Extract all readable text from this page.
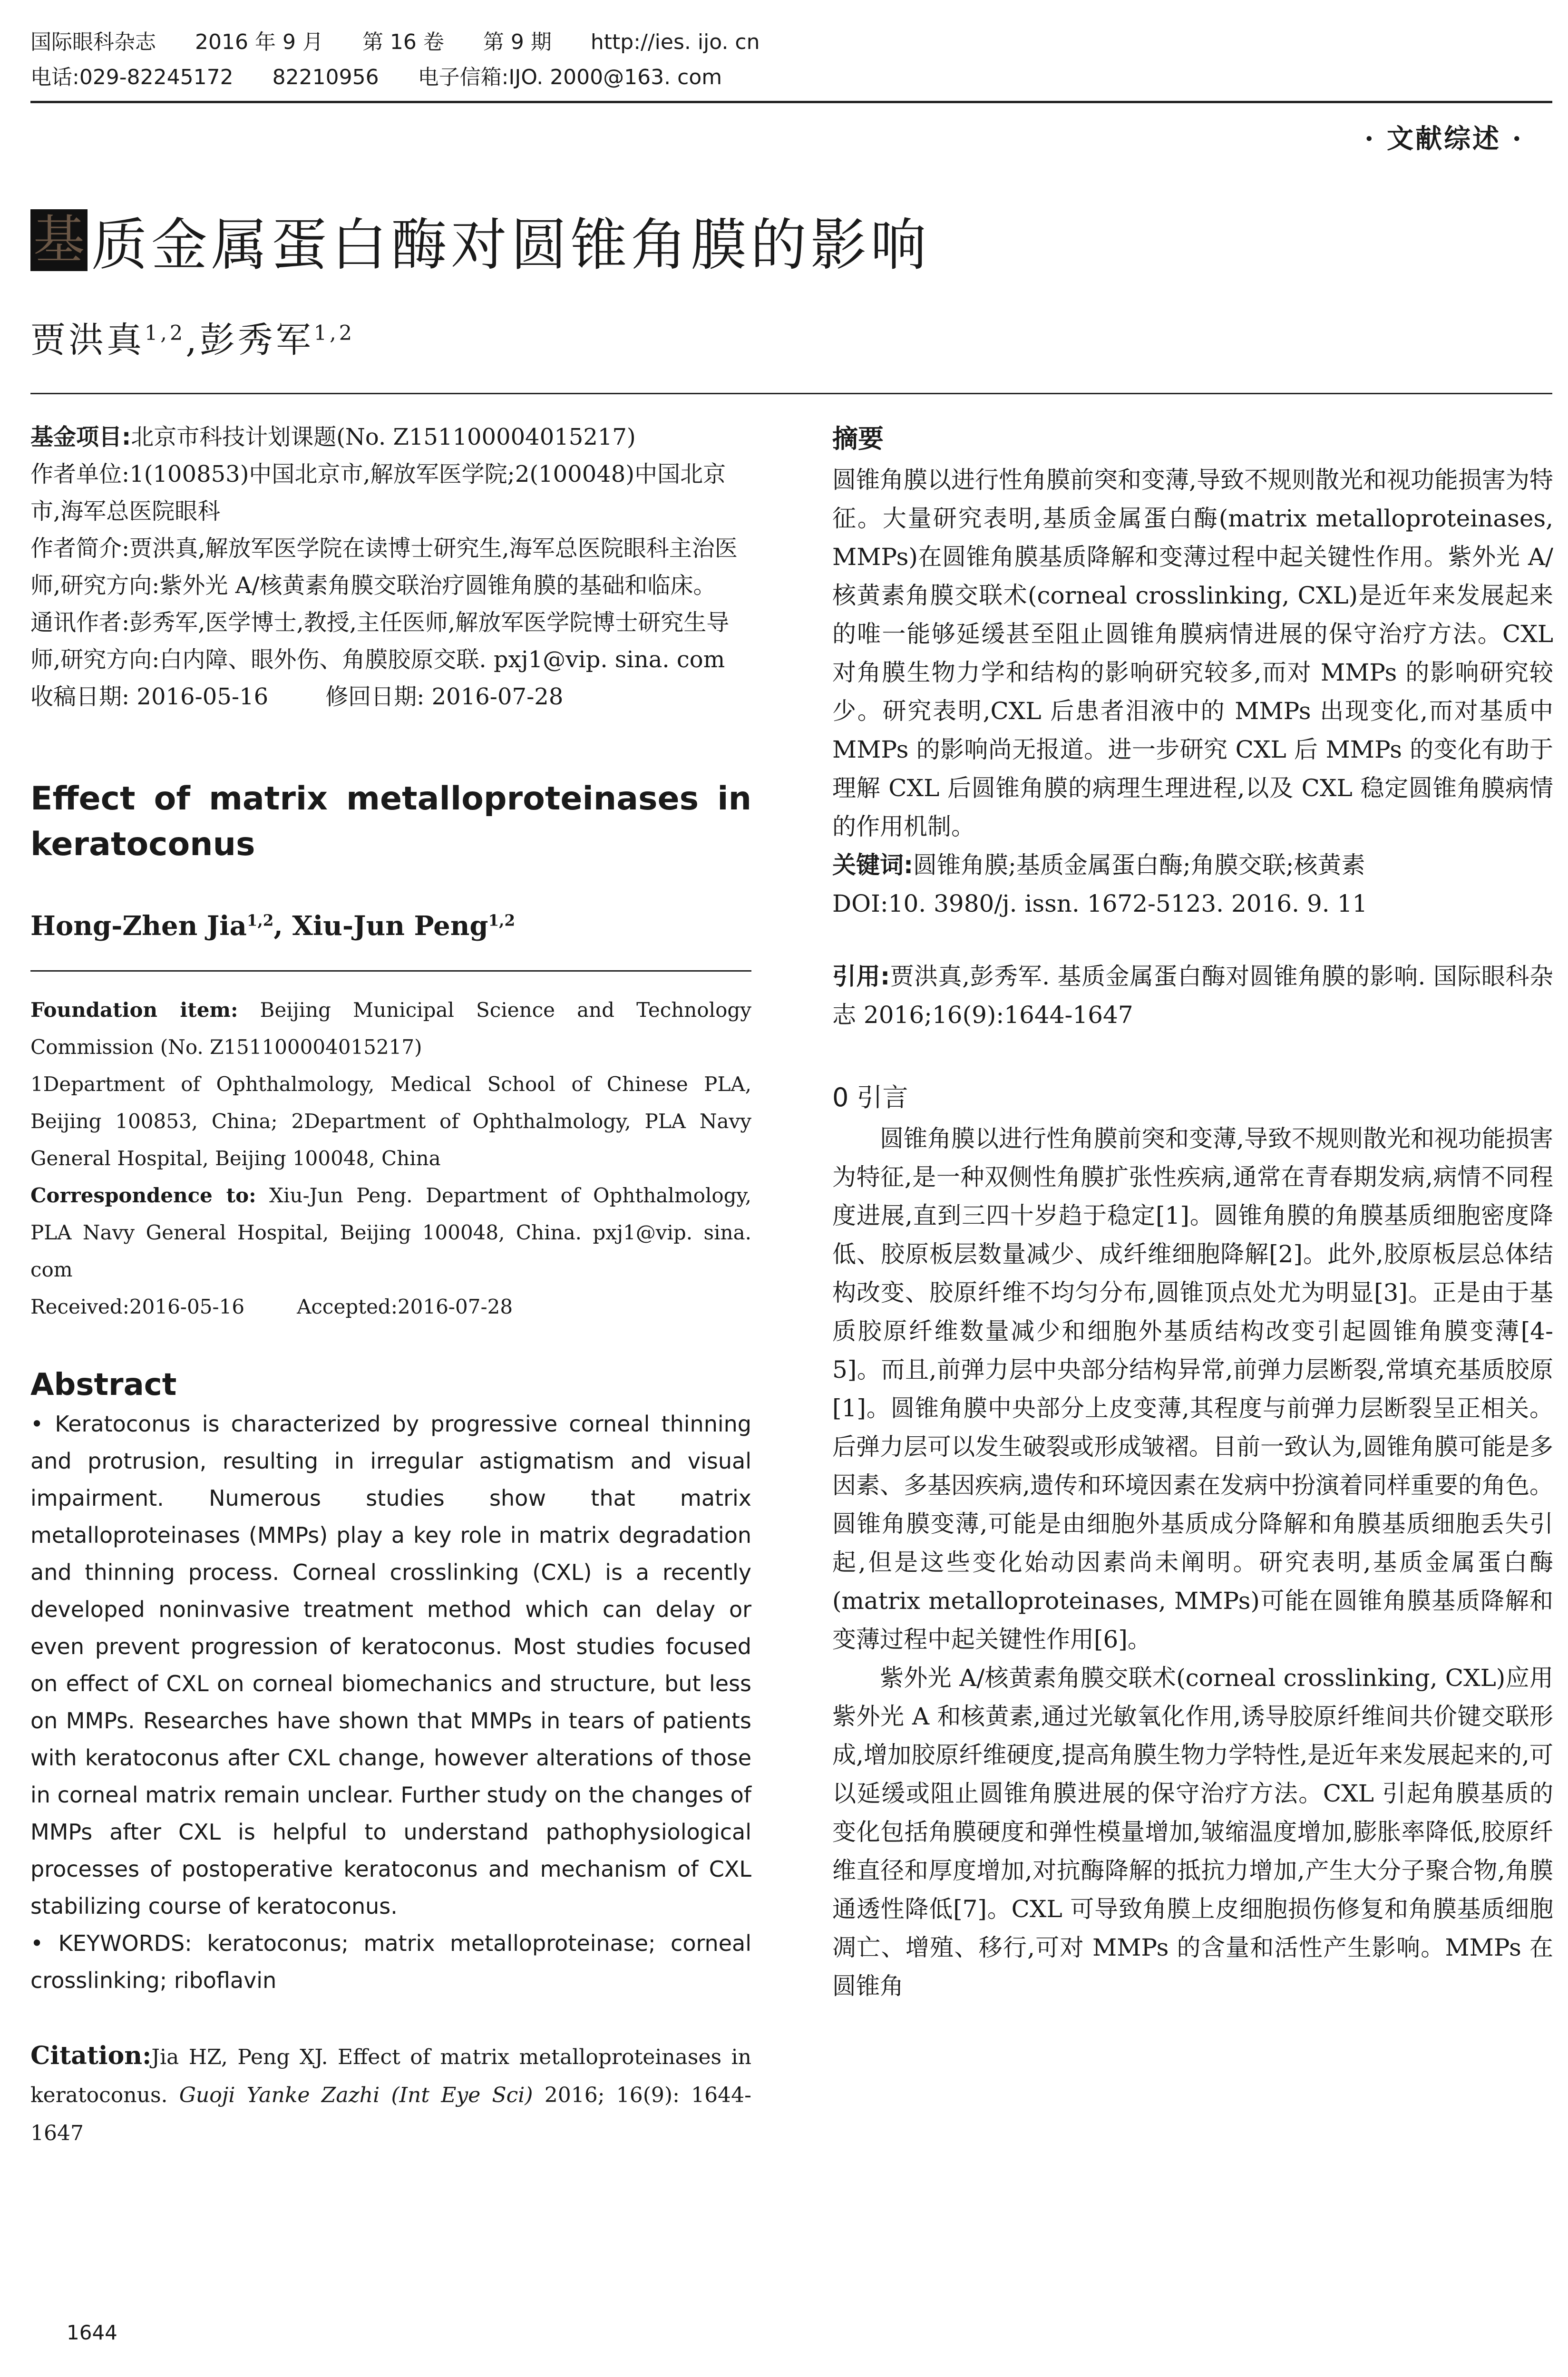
国际眼科杂志 2016 年 9 月 第 16 卷 第 9 期 http://ies. ijo. cn
电话:029-82245172 82210956 电子信箱:IJO. 2000@163. com
· 文献综述 ·
基 质金属蛋白酶对圆锥角膜的影响
贾洪真$^{1,2}$,彭秀军$^{1,2}$

基金项目:北京市科技计划课题(No. Z151100004015217)

作者单位:1(100853)中国北京市,解放军医学院;2(100048)中国北京市,海军总医院眼科

作者简介:贾洪真,解放军医学院在读博士研究生,海军总医院眼科主治医师,研究方向:紫外光 A/核黄素角膜交联治疗圆锥角膜的基础和临床。

通讯作者:彭秀军,医学博士,教授,主任医师,解放军医学院博士研究生导师,研究方向:白内障、眼外伤、角膜胶原交联. pxj1@vip. sina. com

收稿日期: 2016-05-16	修回日期: 2016-07-28

Effect of matrix metalloproteinases in keratoconus
Hong-Zhen Jia$^{1,2}$, Xiu-Jun Peng$^{1,2}$

Foundation item: Beijing Municipal Science and Technology Commission (No. Z151100004015217)

1Department of Ophthalmology, Medical School of Chinese PLA, Beijing 100853, China; 2Department of Ophthalmology, PLA Navy General Hospital, Beijing 100048, China

Correspondence to: Xiu-Jun Peng. Department of Ophthalmology, PLA Navy General Hospital, Beijing 100048, China. pxj1@vip. sina. com

Received:2016-05-16	Accepted:2016-07-28

Abstract

• Keratoconus is characterized by progressive corneal thinning and protrusion, resulting in irregular astigmatism and visual impairment. Numerous studies show that matrix metalloproteinases (MMPs) play a key role in matrix degradation and thinning process. Corneal crosslinking (CXL) is a recently developed noninvasive treatment method which can delay or even prevent progression of keratoconus. Most studies focused on effect of CXL on corneal biomechanics and structure, but less on MMPs. Researches have shown that MMPs in tears of patients with keratoconus after CXL change, however alterations of those in corneal matrix remain unclear. Further study on the changes of MMPs after CXL is helpful to understand pathophysiological processes of postoperative keratoconus and mechanism of CXL stabilizing course of keratoconus.

• KEYWORDS: keratoconus; matrix metalloproteinase; corneal crosslinking; riboflavin

Citation:Jia HZ, Peng XJ. Effect of matrix metalloproteinases in keratoconus. Guoji Yanke Zazhi (Int Eye Sci) 2016; 16(9): 1644-1647

摘要

圆锥角膜以进行性角膜前突和变薄,导致不规则散光和视功能损害为特征。大量研究表明,基质金属蛋白酶(matrix metalloproteinases, MMPs)在圆锥角膜基质降解和变薄过程中起关键性作用。紫外光 A/核黄素角膜交联术(corneal crosslinking, CXL)是近年来发展起来的唯一能够延缓甚至阻止圆锥角膜病情进展的保守治疗方法。CXL 对角膜生物力学和结构的影响研究较多,而对 MMPs 的影响研究较少。研究表明,CXL 后患者泪液中的 MMPs 出现变化,而对基质中 MMPs 的影响尚无报道。进一步研究 CXL 后 MMPs 的变化有助于理解 CXL 后圆锥角膜的病理生理进程,以及 CXL 稳定圆锥角膜病情的作用机制。

关键词:圆锥角膜;基质金属蛋白酶;角膜交联;核黄素

DOI:10. 3980/j. issn. 1672-5123. 2016. 9. 11

引用:贾洪真,彭秀军. 基质金属蛋白酶对圆锥角膜的影响. 国际眼科杂志 2016;16(9):1644-1647

0 引言

圆锥角膜以进行性角膜前突和变薄,导致不规则散光和视功能损害为特征,是一种双侧性角膜扩张性疾病,通常在青春期发病,病情不同程度进展,直到三四十岁趋于稳定[1]。圆锥角膜的角膜基质细胞密度降低、胶原板层数量减少、成纤维细胞降解[2]。此外,胶原板层总体结构改变、胶原纤维不均匀分布,圆锥顶点处尤为明显[3]。正是由于基质胶原纤维数量减少和细胞外基质结构改变引起圆锥角膜变薄[4-5]。而且,前弹力层中央部分结构异常,前弹力层断裂,常填充基质胶原[1]。圆锥角膜中央部分上皮变薄,其程度与前弹力层断裂呈正相关。后弹力层可以发生破裂或形成皱褶。目前一致认为,圆锥角膜可能是多因素、多基因疾病,遗传和环境因素在发病中扮演着同样重要的角色。圆锥角膜变薄,可能是由细胞外基质成分降解和角膜基质细胞丢失引起,但是这些变化始动因素尚未阐明。研究表明,基质金属蛋白酶(matrix metalloproteinases, MMPs)可能在圆锥角膜基质降解和变薄过程中起关键性作用[6]。

紫外光 A/核黄素角膜交联术(corneal crosslinking, CXL)应用紫外光 A 和核黄素,通过光敏氧化作用,诱导胶原纤维间共价键交联形成,增加胶原纤维硬度,提高角膜生物力学特性,是近年来发展起来的,可以延缓或阻止圆锥角膜进展的保守治疗方法。CXL 引起角膜基质的变化包括角膜硬度和弹性模量增加,皱缩温度增加,膨胀率降低,胶原纤维直径和厚度增加,对抗酶降解的抵抗力增加,产生大分子聚合物,角膜通透性降低[7]。CXL 可导致角膜上皮细胞损伤修复和角膜基质细胞凋亡、增殖、移行,可对 MMPs 的含量和活性产生影响。MMPs 在圆锥角

1644
